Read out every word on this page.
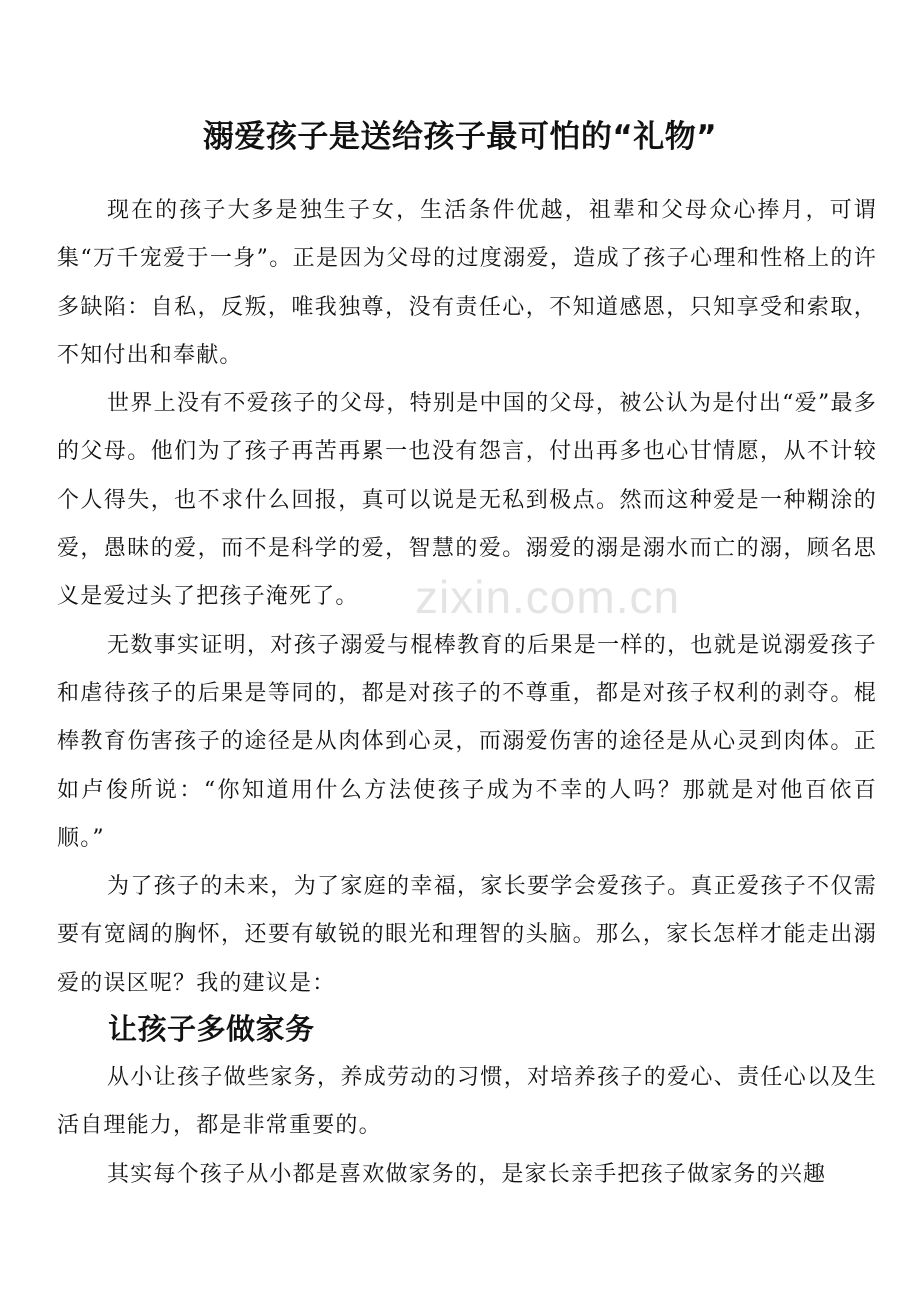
zixin.com.cn
溺爱孩子是送给孩子最可怕的“礼物”

现在的孩子大多是独生子女，生活条件优越，祖辈和父母众心捧月，可谓集“万千宠爱于一身”。正是因为父母的过度溺爱，造成了孩子心理和性格上的许多缺陷：自私，反叛，唯我独尊，没有责任心，不知道感恩，只知享受和索取，不知付出和奉献。

世界上没有不爱孩子的父母，特别是中国的父母，被公认为是付出“爱”最多的父母。他们为了孩子再苦再累一也没有怨言，付出再多也心甘情愿，从不计较个人得失，也不求什么回报，真可以说是无私到极点。然而这种爱是一种糊涂的爱，愚昧的爱，而不是科学的爱，智慧的爱。溺爱的溺是溺水而亡的溺，顾名思义是爱过头了把孩子淹死了。

无数事实证明，对孩子溺爱与棍棒教育的后果是一样的，也就是说溺爱孩子和虐待孩子的后果是等同的，都是对孩子的不尊重，都是对孩子权利的剥夺。棍棒教育伤害孩子的途径是从肉体到心灵，而溺爱伤害的途径是从心灵到肉体。正如卢俊所说：“你知道用什么方法使孩子成为不幸的人吗？那就是对他百依百顺。”

为了孩子的未来，为了家庭的幸福，家长要学会爱孩子。真正爱孩子不仅需要有宽阔的胸怀，还要有敏锐的眼光和理智的头脑。那么，家长怎样才能走出溺爱的误区呢？我的建议是：

让孩子多做家务

从小让孩子做些家务，养成劳动的习惯，对培养孩子的爱心、责任心以及生活自理能力，都是非常重要的。

其实每个孩子从小都是喜欢做家务的，是家长亲手把孩子做家务的兴趣
